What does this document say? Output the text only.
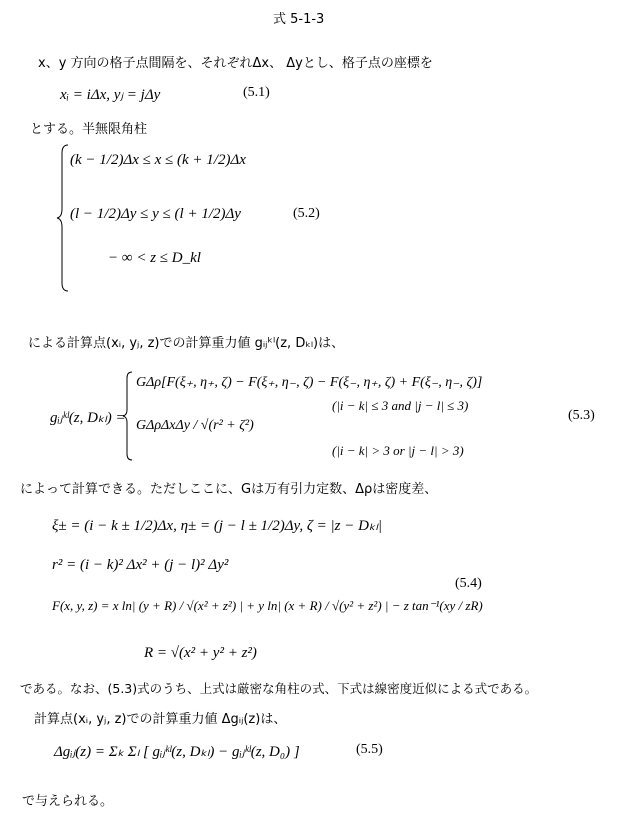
式 5-1-3
x、y 方向の格子点間隔を、それぞれΔx、 Δyとし、格子点の座標を
xᵢ = iΔx, yⱼ = jΔy	(5.1)
とする。半無限角柱
(k − 1/2)Δx ≤ x ≤ (k + 1/2)Δx
(l − 1/2)Δy ≤ y ≤ (l + 1/2)Δy
− ∞ < z ≤ D_kl
(5.2)
による計算点(xᵢ, yⱼ, z)での計算重力値 gᵢⱼᵏˡ(z, Dₖₗ)は、
gᵢⱼᵏˡ(z, Dₖₗ) =
GΔρ[F(ξ₊, η₊, ζ) − F(ξ₊, η₋, ζ) − F(ξ₋, η₊, ζ) + F(ξ₋, η₋, ζ)]
(|i − k| ≤ 3 and |j − l| ≤ 3)
GΔρΔxΔy / √(r² + ζ²)
(|i − k| > 3 or |j − l| > 3)
(5.3)
によって計算できる。ただしここに、Gは万有引力定数、Δρは密度差、
ξ± = (i − k ± 1/2)Δx, η± = (j − l ± 1/2)Δy, ζ = |z − Dₖₗ|
r² = (i − k)² Δx² + (j − l)² Δy²
F(x, y, z) = x ln| (y + R) / √(x² + z²) | + y ln| (x + R) / √(y² + z²) | − z tan⁻¹(xy / zR)
R = √(x² + y² + z²)
(5.4)
である。なお、(5.3)式のうち、上式は厳密な角柱の式、下式は線密度近似による式である。
計算点(xᵢ, yⱼ, z)での計算重力値 Δgᵢⱼ(z)は、
Δgᵢⱼ(z) = Σₖ Σₗ [ gᵢⱼᵏˡ(z, Dₖₗ) − gᵢⱼᵏˡ(z, D₀) ]	(5.5)
で与えられる。
